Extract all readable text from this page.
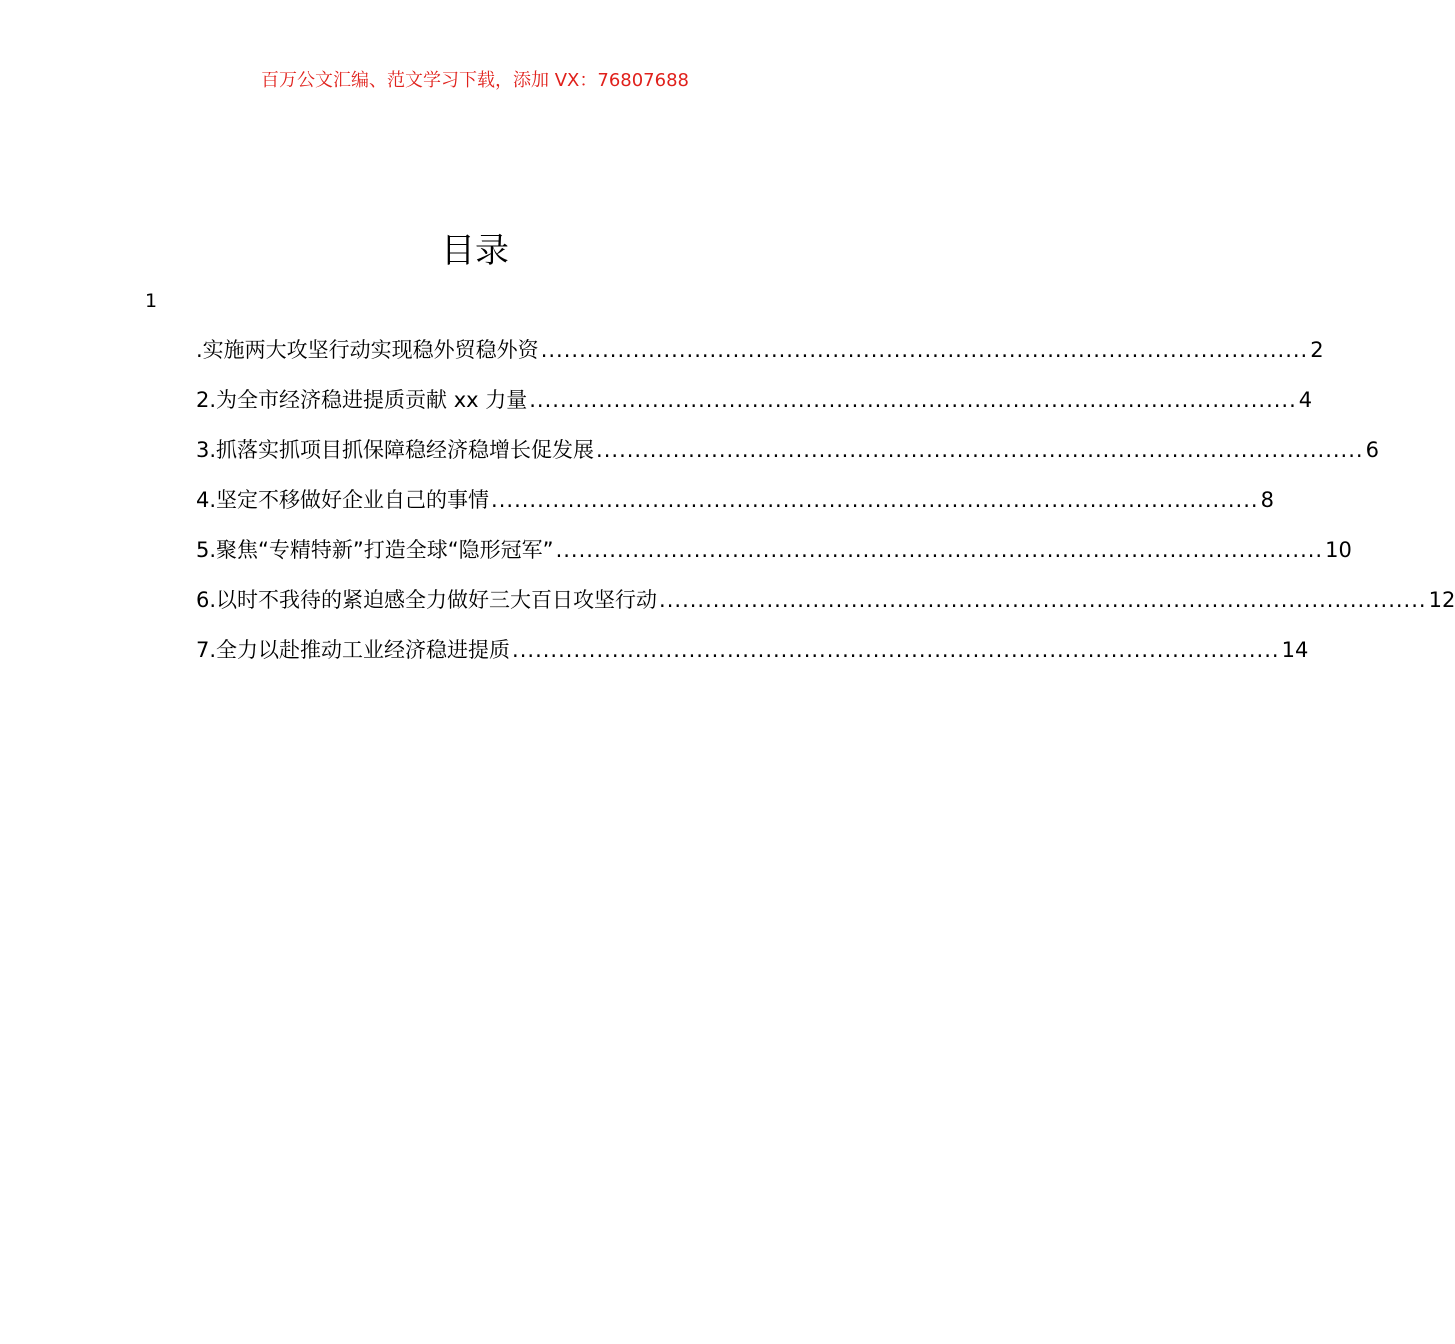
百万公文汇编、范文学习下载，添加 VX：76807688
目录
1
.实施两大攻坚行动实现稳外贸稳外资 .................................................................................................... 2
2.为全市经济稳进提质贡献 xx 力量 .................................................................................................... 4
3.抓落实抓项目抓保障稳经济稳增长促发展 .................................................................................................... 6
4.坚定不移做好企业自己的事情 .................................................................................................... 8
5.聚焦“专精特新”打造全球“隐形冠军” .................................................................................................... 10
6.以时不我待的紧迫感全力做好三大百日攻坚行动 .................................................................................................... 12
7.全力以赴推动工业经济稳进提质 .................................................................................................... 14
